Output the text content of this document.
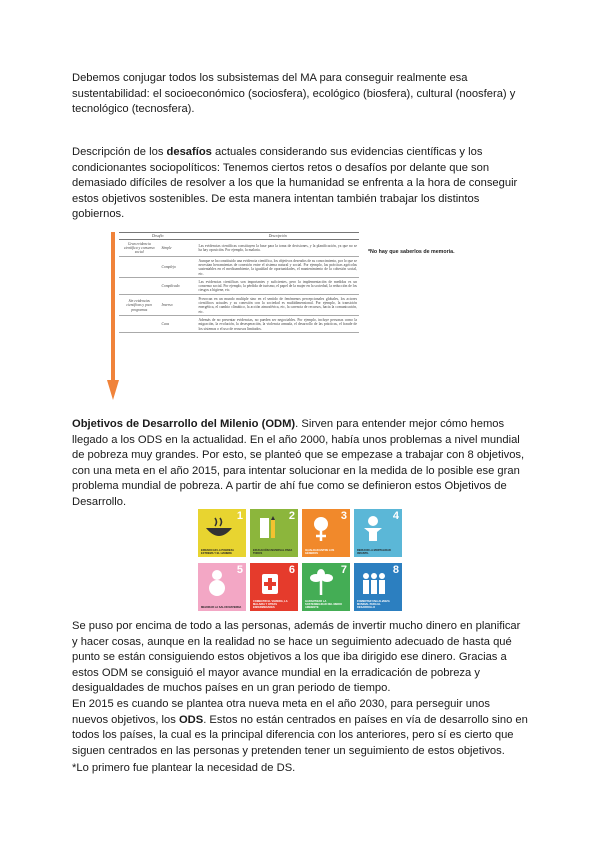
Debemos conjugar todos los subsistemas del MA para conseguir realmente esa sustentabilidad: el socioeconómico (sociosfera), ecológico (biosfera), cultural (noosfera) y tecnológico (tecnosfera).

Descripción de los desafíos actuales considerando sus evidencias científicas y los condicionantes sociopolíticos: Tenemos ciertos retos o desafíos por delante que son demasiado difíciles de resolver a los que la humanidad se enfrenta a la hora de conseguir estos objetivos sostenibles. De esta manera intentan también trabajar los distintos gobiernos.

Desafío		Descripción
Gran evidencia científica y consenso social	Simple	Las evidencias científicas constituyen la base para la toma de decisiones, y la planificación, ya que no se ha hay oposición. Por ejemplo, la malaria.
	Complejo	Aunque se ha constituido una evidencia científica, los objetivos deseados de su conocimiento, por lo que se necesitan herramientas de conexión entre el sistema natural y social. Por ejemplo, las prácticas agrícolas sustentables en el medioambiente, la igualdad de oportunidades, el mantenimiento de la cohesión social, etc.
	Complicado	Las evidencias científicas son importantes y suficientes, pero la implementación de medidas es un consenso social. Por ejemplo, la pérdida de turismo, el papel de la mujer en la sociedad, la reducción de los riesgos a higiene, etc.
Sin evidencias científicas y poco programas	Inverso	Provocan en un mundo multiple sino en el sentido de fenómenos percepcionales globales, los actores científicos actuales y su conexión con la sociedad es multidimensional. Por ejemplo, la transición energética, el cambio climático, la acción atmosférica, etc, la carencia de recursos, hacia la comunicación, etc.
	Caos	Además de no presentar evidencias, no pueden ser negociables. Por ejemplo, incluye personas como la migración, la evolución, la desesperación, la violencia armada, el desarrollo de las prácticas, el fraude de los sistemas o el uso de recursos limitados.
*No hay que saberlos de memoria.

Objetivos de Desarrollo del Milenio (ODM). Sirven para entender mejor cómo hemos llegado a los ODS en la actualidad. En el año 2000, había unos problemas a nivel mundial de pobreza muy grandes. Por esto, se planteó que se empezase a trabajar con 8 objetivos, con una meta en el año 2015, para intentar solucionar en la medida de lo posible ese gran problema mundial de pobreza. A partir de ahí fue como se definieron estos Objetivos de Desarrollo.

1
ERRADICAR LA POBREZA EXTREMA Y EL HAMBRE
2
EDUCACIÓN UNIVERSAL PARA TODOS
3
IGUALDAD ENTRE LOS GÉNEROS
4
REDUCIR LA MORTALIDAD INFANTIL
5
MEJORAR LA SALUD MATERNA
6
COMBATIR EL VIH/SIDA, LA MALARIA Y OTRAS ENFERMEDADES
7
GARANTIZAR LA SOSTENIBILIDAD DEL MEDIO AMBIENTE
8
FOMENTAR UNA ALIANZA MUNDIAL PARA EL DESARROLLO

Se puso por encima de todo a las personas, además de invertir mucho dinero en planificar y hacer cosas, aunque en la realidad no se hace un seguimiento adecuado de hasta qué punto se están consiguiendo estos objetivos a los que iba dirigido ese dinero. Gracias a estos ODM se consiguió el mayor avance mundial en la erradicación de pobreza y desigualdades de muchos países en un gran periodo de tiempo.

En 2015 es cuando se plantea otra nueva meta en el año 2030, para perseguir unos nuevos objetivos, los ODS. Estos no están centrados en países en vía de desarrollo sino en todos los países, la cual es la principal diferencia con los anteriores, pero sí es cierto que siguen centrados en las personas y pretenden tener un seguimiento de estos objetivos.

*Lo primero fue plantear la necesidad de DS.
